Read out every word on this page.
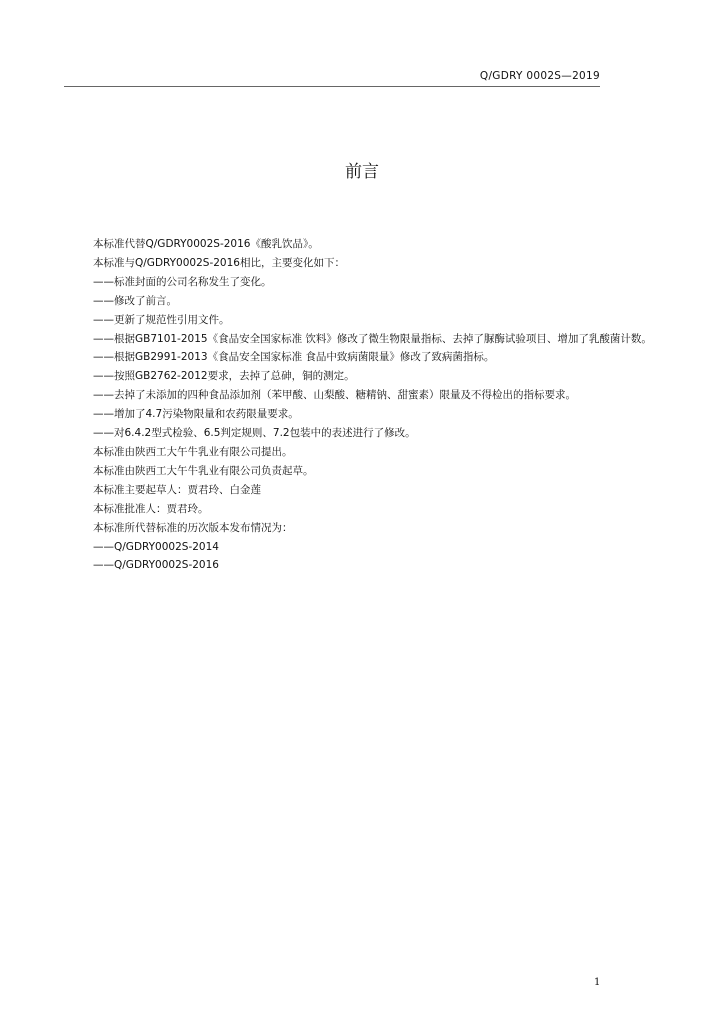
Q/GDRY 0002S—2019
前言

本标准代替Q/GDRY0002S-2016《酸乳饮品》。

本标准与Q/GDRY0002S-2016相比，主要变化如下：

——标准封面的公司名称发生了变化。

——修改了前言。

——更新了规范性引用文件。

——根据GB7101-2015《食品安全国家标准 饮料》修改了微生物限量指标、去掉了脲酶试验项目、增加了乳酸菌计数。

——根据GB2991-2013《食品安全国家标准 食品中致病菌限量》修改了致病菌指标。

——按照GB2762-2012要求，去掉了总砷，铜的测定。

——去掉了未添加的四种食品添加剂（苯甲酸、山梨酸、糖精钠、甜蜜素）限量及不得检出的指标要求。

——增加了4.7污染物限量和农药限量要求。

——对6.4.2型式检验、6.5判定规则、7.2包装中的表述进行了修改。

本标准由陕西工大午牛乳业有限公司提出。

本标准由陕西工大午牛乳业有限公司负责起草。

本标准主要起草人：贾君玲、白金莲

本标准批准人：贾君玲。

本标准所代替标准的历次版本发布情况为：

——Q/GDRY0002S-2014

——Q/GDRY0002S-2016

1
